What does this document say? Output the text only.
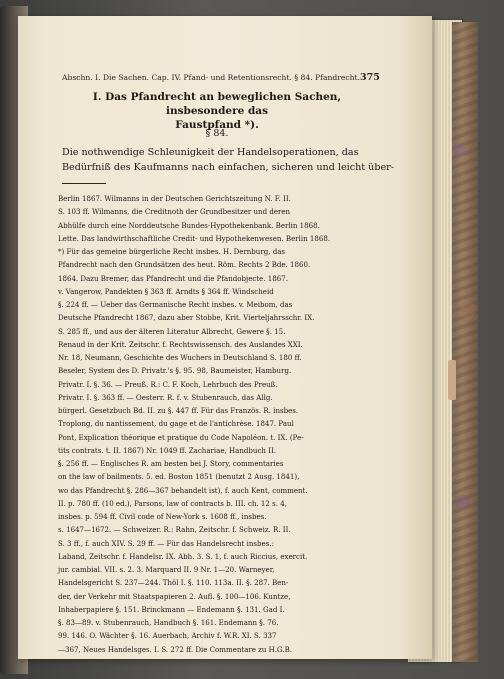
Abschn. I. Die Sachen. Cap. IV. Pfand- und Retentionsrecht. § 84. Pfandrecht. 375
I. Das Pfandrecht an beweglichen Sachen, insbesondere das
Faustpfand *).
§ 84.
Die nothwendige Schleunigkeit der Handelsoperationen, das
Bedürfniß des Kaufmanns nach einfachen, sicheren und leicht über-
Berlin 1867. Wilmanns in der Deutschen Gerichtszeitung N. F. II.
S. 103 ff. Wilmanns, die Creditnoth der Grundbesitzer und deren
Abhülfe durch eine Norddeutsche Bundes-Hypothekenbank. Berlin 1868.
Lette. Das landwirthschaftliche Credit- und Hypothekenwesen. Berlin 1868.
*) Für das gemeine bürgerliche Recht insbes. H. Dernburg, das
Pfandrecht nach den Grundsätzen des heut. Röm. Rechts 2 Bde. 1860.
1864. Dazu Bremer, das Pfandrecht und die Pfandobjecte. 1867.
v. Vangerow, Pandekten § 363 ff. Arndts § 364 ff. Windscheid
§. 224 ff. — Ueber das Germanische Recht insbes. v. Meibom, das
Deutsche Pfandrecht 1867, dazu aber Stobbe, Krit. Vierteljahrsschr. IX.
S. 285 ff., und aus der älteren Literatur Albrecht, Gewere §. 15.
Renaud in der Krit. Zeitschr. f. Rechtswissensch. des Auslandes XXI.
Nr. 18, Neumann, Geschichte des Wuchers in Deutschland S. 180 ff.
Beseler, System des D. Privatr.'s §. 95. 98, Baumeister, Hamburg.
Privatr. I. §. 36. — Preuß. R.: C. F. Koch, Lehrbuch des Preuß.
Privatr. I. §. 363 ff. — Oesterr. R. f. v. Stubenrauch, das Allg.
bürgerl. Gesetzbuch Bd. II. zu §. 447 ff. Für das Französ. R. insbes.
Troplong, du nantissement, du gage et de l'antichrèse. 1847. Paul
Pont, Explication théorique et pratique du Code Napoléon. t. IX. (Pe-
tits contrats. t. II. 1867) Nr. 1049 ff. Zachariae, Handbuch II.
§. 256 ff. — Englisches R. am besten bei J. Story, commentaries
on the law of bailments. 5. ed. Boston 1851 (benutzt 2 Ausg. 1841),
wo das Pfandrecht §. 286—367 behandelt ist), f. auch Kent, comment.
II. p. 780 ff. (10 ed.), Parsons, law of contracts b. III. ch. 12 s. 4,
insbes. p. 594 ff. Civil code of New-York s. 1608 ff., insbes.
s. 1647—1672. — Schweizer. R.: Rahn, Zeitschr. f. Schweiz. R. II.
S. 3 ff., f. auch XIV. S. 29 ff. — Für das Handelsrecht insbes.:
Laband, Zeitschr. f. Handelsr. IX. Abh. 3. S. 1, f. auch Riccius, exercit.
jur. cambial. VII. s. 2. 3. Marquard II. 9 Nr. 1—20. Warneyer,
Handelsgericht S. 237—244. Thöl I. §. 110. 113a. II. §. 287. Ben-
der, der Verkehr mit Staatspapieren 2. Aufl. §. 100—106. Kuntze,
Inhaberpapiere §. 151. Brinckmann — Endemann §. 131. Gad I.
§. 83—89. v. Stubenrauch, Handbuch §. 161. Endemann §. 76.
99. 146. O. Wächter §. 16. Auerbach, Archiv f. W.R. XI. S. 337
—367, Neues Handelsges. I. S. 272 ff. Die Commentare zu H.G.B.
